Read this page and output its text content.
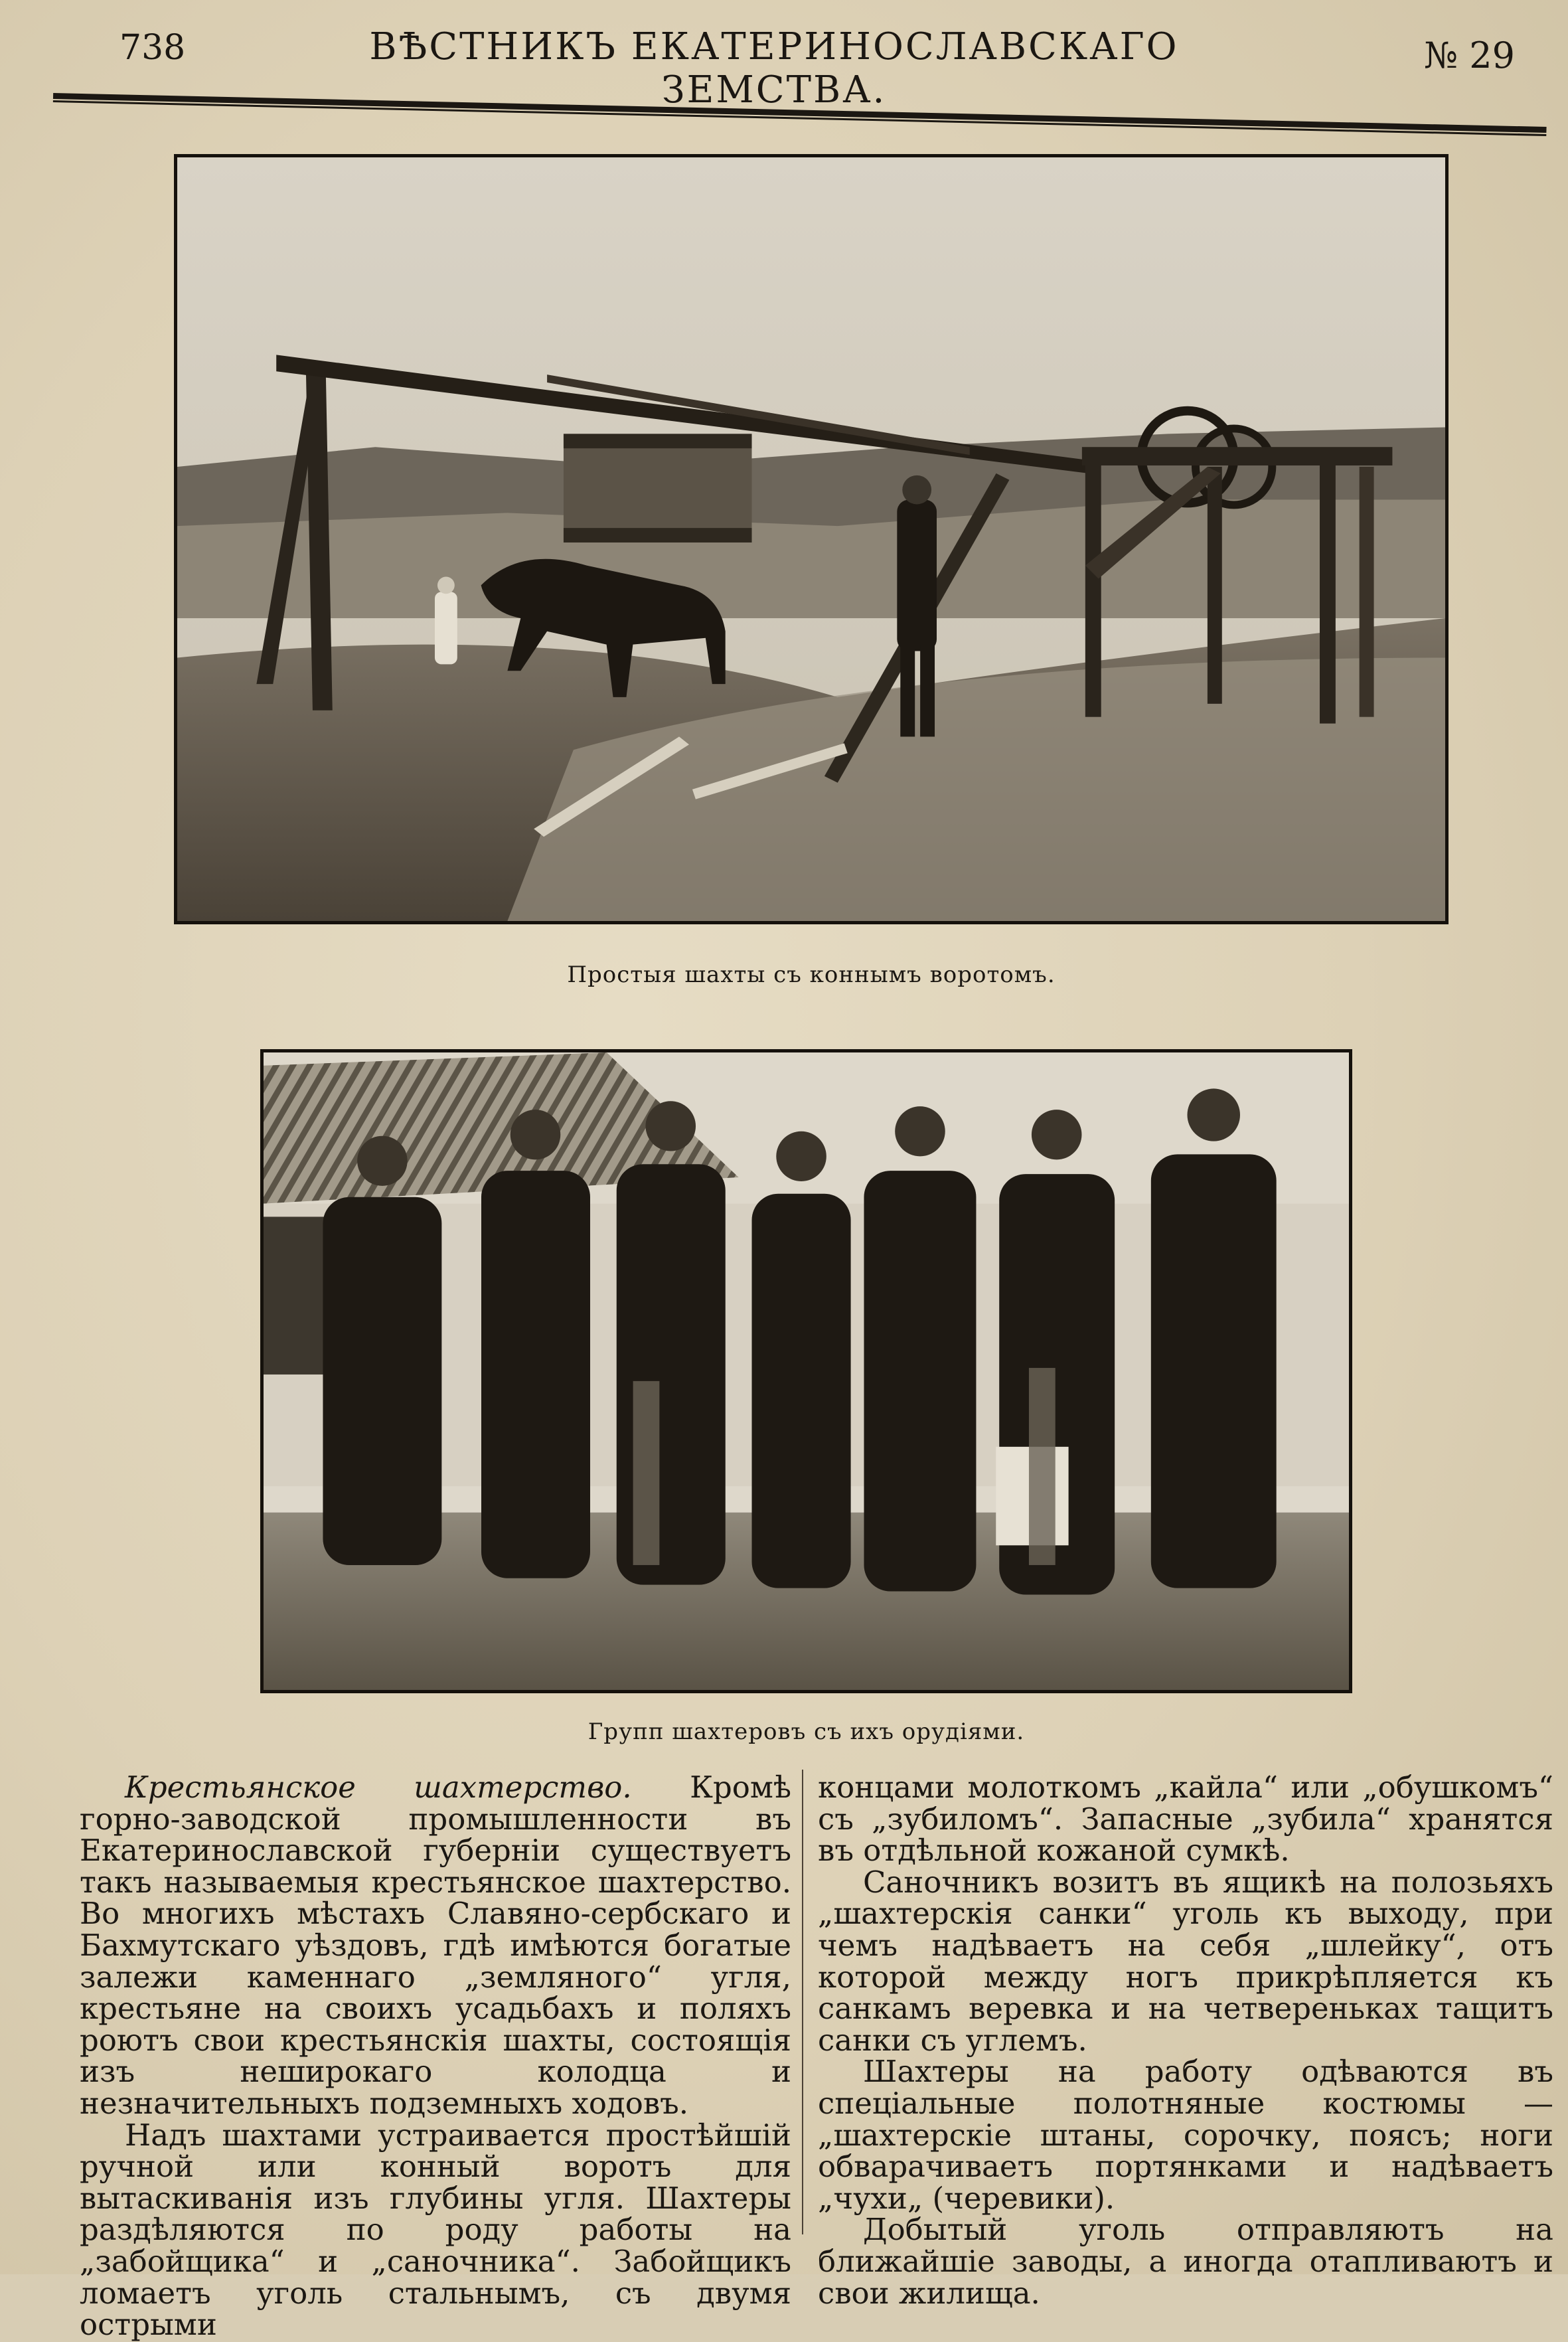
738	ВѢСТНИКЪ ЕКАТЕРИНОСЛАВСКАГО ЗЕМСТВА.
№ 29
Простыя шахты съ коннымъ воротомъ.
Групп шахтеровъ съ ихъ орудіями.

Крестьянское шахтерство. Кромѣ горно-заводской промышленности въ Екатеринославской губерніи существуетъ такъ называемыя крестьянское шахтерство. Во многихъ мѣстахъ Славяно-сербскаго и Бахмутскаго уѣздовъ, гдѣ имѣются богатые залежи каменнаго „земляного“ угля, крестьяне на своихъ усадьбахъ и поляхъ роютъ свои крестьянскія шахты, состоящія изъ неширокаго колодца и незначительныхъ подземныхъ ходовъ.

Надъ шахтами устраивается простѣйшій ручной или конный воротъ для вытаскиванія изъ глубины угля. Шахтеры раздѣляются по роду работы на „забойщика“ и „саночника“. Забойщикъ ломаетъ уголь стальнымъ, съ двумя острыми

концами молоткомъ „кайла“ или „обушкомъ“ съ „зубиломъ“. Запасные „зубила“ хранятся въ отдѣльной кожаной сумкѣ.

Саночникъ возитъ въ ящикѣ на полозьяхъ „шахтерскія санки“ уголь къ выходу, при чемъ надѣваетъ на себя „шлейку“, отъ которой между ногъ прикрѣпляется къ санкамъ веревка и на четвереньках тащитъ санки съ углемъ.

Шахтеры на работу одѣваются въ спеціальные полотняные костюмы — „шахтерскіе штаны, сорочку, поясъ; ноги обварачиваетъ портянками и надѣваетъ „чухи„ (черевики).

Добытый уголь отправляютъ на ближайшіе заводы, а иногда отапливаютъ и свои жилища.
